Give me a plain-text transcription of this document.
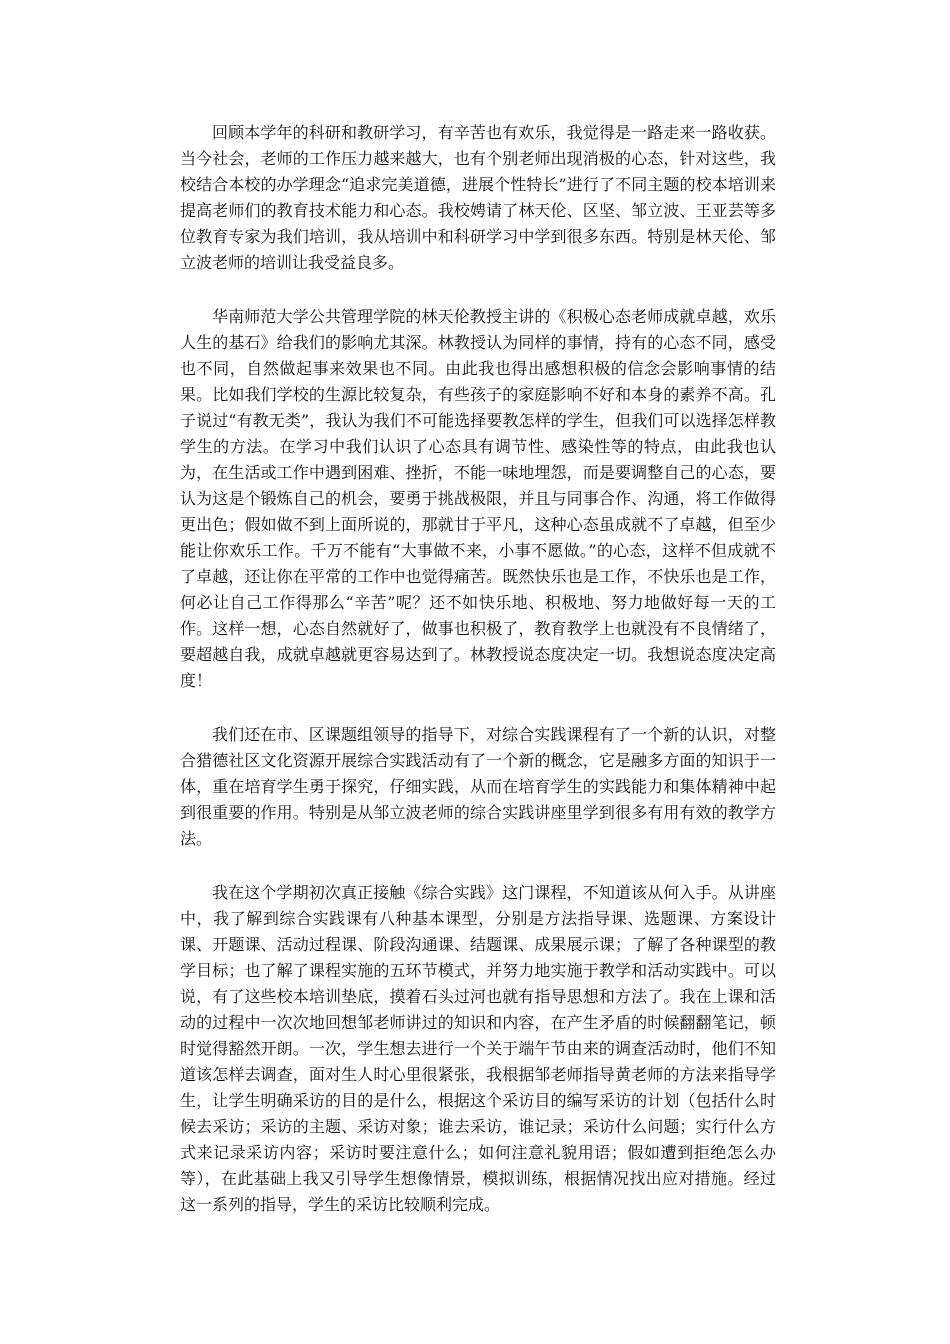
回顾本学年的科研和教研学习，有辛苦也有欢乐，我觉得是一路走来一路收获。当今社会，老师的工作压力越来越大，也有个别老师出现消极的心态，针对这些，我校结合本校的办学理念“追求完美道德，进展个性特长”进行了不同主题的校本培训来提高老师们的教育技术能力和心态。我校娉请了林天伦、区坚、邹立波、王亚芸等多位教育专家为我们培训，我从培训中和科研学习中学到很多东西。特别是林天伦、邹立波老师的培训让我受益良多。

华南师范大学公共管理学院的林天伦教授主讲的《积极心态老师成就卓越，欢乐人生的基石》给我们的影响尤其深。林教授认为同样的事情，持有的心态不同，感受也不同，自然做起事来效果也不同。由此我也得出感想积极的信念会影响事情的结果。比如我们学校的生源比较复杂，有些孩子的家庭影响不好和本身的素养不高。孔子说过“有教无类”，我认为我们不可能选择要教怎样的学生，但我们可以选择怎样教学生的方法。在学习中我们认识了心态具有调节性、感染性等的特点，由此我也认为，在生活或工作中遇到困难、挫折，不能一味地埋怨，而是要调整自己的心态，要认为这是个锻炼自己的机会，要勇于挑战极限，并且与同事合作、沟通，将工作做得更出色；假如做不到上面所说的，那就甘于平凡，这种心态虽成就不了卓越，但至少能让你欢乐工作。千万不能有“大事做不来，小事不愿做。”的心态，这样不但成就不了卓越，还让你在平常的工作中也觉得痛苦。既然快乐也是工作，不快乐也是工作，何必让自己工作得那么“辛苦”呢？还不如快乐地、积极地、努力地做好每一天的工作。这样一想，心态自然就好了，做事也积极了，教育教学上也就没有不良情绪了，要超越自我，成就卓越就更容易达到了。林教授说态度决定一切。我想说态度决定高度！

我们还在市、区课题组领导的指导下，对综合实践课程有了一个新的认识，对整合猎德社区文化资源开展综合实践活动有了一个新的概念，它是融多方面的知识于一体，重在培育学生勇于探究，仔细实践，从而在培育学生的实践能力和集体精神中起到很重要的作用。特别是从邹立波老师的综合实践讲座里学到很多有用有效的教学方法。

我在这个学期初次真正接触《综合实践》这门课程，不知道该从何入手。从讲座中，我了解到综合实践课有八种基本课型，分别是方法指导课、选题课、方案设计课、开题课、活动过程课、阶段沟通课、结题课、成果展示课；了解了各种课型的教学目标；也了解了课程实施的五环节模式，并努力地实施于教学和活动实践中。可以说，有了这些校本培训垫底，摸着石头过河也就有指导思想和方法了。我在上课和活动的过程中一次次地回想邹老师讲过的知识和内容，在产生矛盾的时候翻翻笔记，顿时觉得豁然开朗。一次，学生想去进行一个关于端午节由来的调查活动时，他们不知道该怎样去调查，面对生人时心里很紧张，我根据邹老师指导黄老师的方法来指导学生，让学生明确采访的目的是什么，根据这个采访目的编写采访的计划（包括什么时候去采访；采访的主题、采访对象；谁去采访，谁记录；采访什么问题；实行什么方式来记录采访内容；采访时要注意什么；如何注意礼貌用语；假如遭到拒绝怎么办等），在此基础上我又引导学生想像情景，模拟训练，根据情况找出应对措施。经过这一系列的指导，学生的采访比较顺利完成。
